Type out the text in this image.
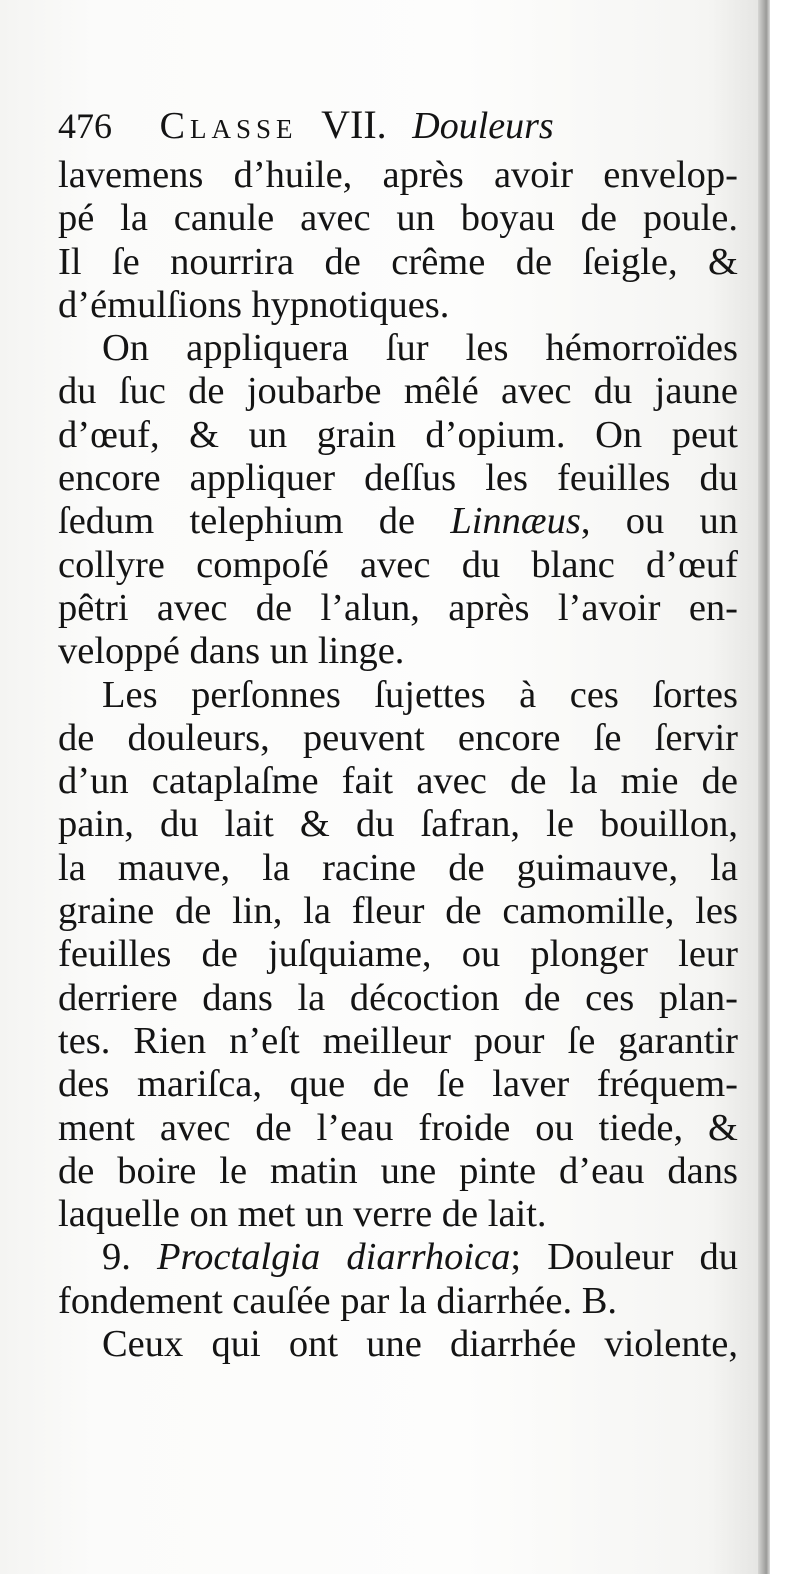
476 Classe VII. Douleurs
lavemens d’huile, après avoir envelop-
pé la canule avec un boyau de poule.
Il ſe nourrira de crême de ſeigle, &
d’émulſions hypnotiques.
On appliquera ſur les hémorroïdes
du ſuc de joubarbe mêlé avec du jaune
d’œuf, & un grain d’opium. On peut
encore appliquer deſſus les feuilles du
ſedum telephium de Linnæus, ou un
collyre compoſé avec du blanc d’œuf
pêtri avec de l’alun, après l’avoir en-
veloppé dans un linge.
Les perſonnes ſujettes à ces ſortes
de douleurs, peuvent encore ſe ſervir
d’un cataplaſme fait avec de la mie de
pain, du lait & du ſafran, le bouillon,
la mauve, la racine de guimauve, la
graine de lin, la fleur de camomille, les
feuilles de juſquiame, ou plonger leur
derriere dans la décoction de ces plan-
tes. Rien n’eſt meilleur pour ſe garantir
des mariſca, que de ſe laver fréquem-
ment avec de l’eau froide ou tiede, &
de boire le matin une pinte d’eau dans
laquelle on met un verre de lait.
9. Proctalgia diarrhoica; Douleur du
fondement cauſée par la diarrhée. B.
Ceux qui ont une diarrhée violente,
